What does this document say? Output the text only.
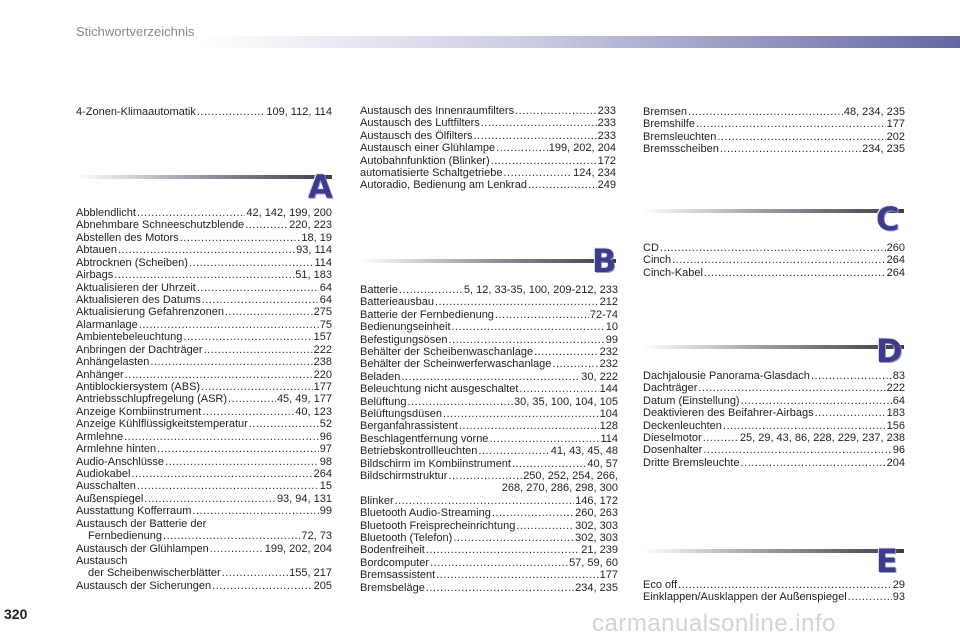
Stichwortverzeichnis
4-Zonen-Klimaautomatik .....	109, 112, 114
A
Abblendlicht .....	42, 142, 199, 200
Abnehmbare Schneeschutzblende .....	220, 223
Abstellen des Motors .....	18, 19
Abtauen .....	93, 114
Abtrocknen (Scheiben) .....	114
Airbags .....	51, 183
Aktualisieren der Uhrzeit .....	64
Aktualisieren des Datums .....	64
Aktualisierung Gefahrenzonen .....	275
Alarmanlage .....	75
Ambientebeleuchtung .....	157
Anbringen der Dachträger .....	222
Anhängelasten .....	238
Anhänger .....	220
Antiblockiersystem (ABS) .....	177
Antriebsschlupfregelung (ASR) .....	45, 49, 177
Anzeige Kombiinstrument .....	40, 123
Anzeige Kühlflüssigkeitstemperatur .....	52
Armlehne .....	96
Armlehne hinten .....	97
Audio-Anschlüsse .....	98
Audiokabel .....	264
Ausschalten .....	15
Außenspiegel .....	93, 94, 131
Ausstattung Kofferraum .....	99
Austausch der Batterie der
Fernbedienung .....	72, 73
Austausch der Glühlampen .....	199, 202, 204
Austausch
der Scheibenwischerblätter .....	155, 217
Austausch der Sicherungen .....	205
Austausch des Innenraumfilters .....	233
Austausch des Luftfilters .....	233
Austausch des Ölfilters .....	233
Austausch einer Glühlampe .....	199, 202, 204
Autobahnfunktion (Blinker) .....	172
automatisierte Schaltgetriebe .....	124, 234
Autoradio, Bedienung am Lenkrad .....	249
B
Batterie .....	5, 12, 33-35, 100, 209-212, 233
Batterieausbau .....	212
Batterie der Fernbedienung .....	72-74
Bedienungseinheit .....	10
Befestigungsösen .....	99
Behälter der Scheibenwaschanlage .....	232
Behälter der Scheinwerferwaschanlage .....	232
Beladen .....	30, 222
Beleuchtung nicht ausgeschaltet .....	144
Belüftung .....	30, 35, 100, 104, 105
Belüftungsdüsen .....	104
Berganfahrassistent .....	128
Beschlagentfernung vorne .....	114
Betriebskontrollleuchten .....	41, 43, 45, 48
Bildschirm im Kombiinstrument .....	40, 57
Bildschirmstruktur .....	250, 252, 254, 266,
268, 270, 286, 298, 300
Blinker .....	146, 172
Bluetooth Audio-Streaming .....	260, 263
Bluetooth Freisprecheinrichtung .....	302, 303
Bluetooth (Telefon) .....	302, 303
Bodenfreiheit .....	21, 239
Bordcomputer .....	57, 59, 60
Bremsassistent .....	177
Bremsbeläge .....	234, 235
Bremsen .....	48, 234, 235
Bremshilfe .....	177
Bremsleuchten .....	202
Bremsscheiben .....	234, 235
C
CD .....	260
Cinch .....	264
Cinch-Kabel .....	264
D
Dachjalousie Panorama-Glasdach .....	83
Dachträger .....	222
Datum (Einstellung) .....	64
Deaktivieren des Beifahrer-Airbags .....	183
Deckenleuchten .....	156
Dieselmotor .....	25, 29, 43, 86, 228, 229, 237, 238
Dosenhalter .....	96
Dritte Bremsleuchte .....	204
E
Eco off .....	29
Einklappen/Ausklappen der Außenspiegel .....	93
320	carmanualsonline.info
